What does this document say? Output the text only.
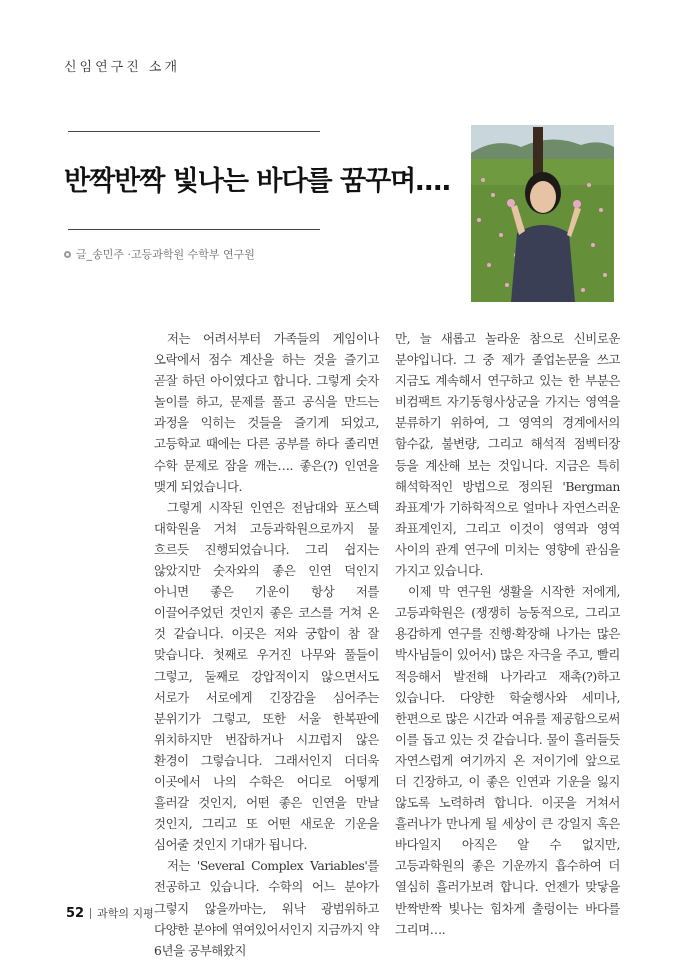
신임연구진 소개
반짝반짝 빛나는 바다를 꿈꾸며….
글_송민주 ·고등과학원 수학부 연구원

저는 어려서부터 가족들의 게임이나 오락에서 점수 계산을 하는 것을 즐기고 곧잘 하던 아이였다고 합니다. 그렇게 숫자 놀이를 하고, 문제를 풀고 공식을 만드는 과정을 익히는 것들을 즐기게 되었고, 고등학교 때에는 다른 공부를 하다 졸리면 수학 문제로 잠을 깨는…. 좋은(?) 인연을 맺게 되었습니다.

그렇게 시작된 인연은 전남대와 포스텍 대학원을 거쳐 고등과학원으로까지 물 흐르듯 진행되었습니다. 그리 쉽지는 않았지만 숫자와의 좋은 인연 덕인지 아니면 좋은 기운이 항상 저를 이끌어주었던 것인지 좋은 코스를 거쳐 온 것 같습니다. 이곳은 저와 궁합이 참 잘 맞습니다. 첫째로 우거진 나무와 풀들이 그렇고, 둘째로 강압적이지 않으면서도 서로가 서로에게 긴장감을 심어주는 분위기가 그렇고, 또한 서울 한복판에 위치하지만 번잡하거나 시끄럽지 않은 환경이 그렇습니다. 그래서인지 더더욱 이곳에서 나의 수학은 어디로 어떻게 흘러갈 것인지, 어떤 좋은 인연을 만날 것인지, 그리고 또 어떤 새로운 기운을 심어줄 것인지 기대가 됩니다.

저는 'Several Complex Variables'를 전공하고 있습니다. 수학의 어느 분야가 그렇지 않을까마는, 워낙 광범위하고 다양한 분야에 엮여있어서인지 지금까지 약 6년을 공부해왔지

만, 늘 새롭고 놀라운 참으로 신비로운 분야입니다. 그 중 제가 졸업논문을 쓰고 지금도 계속해서 연구하고 있는 한 부분은 비컴팩트 자기동형사상군을 가지는 영역을 분류하기 위하여, 그 영역의 경계에서의 함수값, 불변량, 그리고 해석적 점벡터장 등을 계산해 보는 것입니다. 지금은 특히 해석학적인 방법으로 정의된 'Bergman 좌표계'가 기하학적으로 얼마나 자연스러운 좌표계인지, 그리고 이것이 영역과 영역 사이의 관계 연구에 미치는 영향에 관심을 가지고 있습니다.

이제 막 연구원 생활을 시작한 저에게, 고등과학원은 (쟁쟁히 능동적으로, 그리고 용감하게 연구를 진행·확장해 나가는 많은 박사님들이 있어서) 많은 자극을 주고, 빨리 적응해서 발전해 나가라고 재촉(?)하고 있습니다. 다양한 학술행사와 세미나, 한편으로 많은 시간과 여유를 제공함으로써 이를 돕고 있는 것 같습니다. 물이 흘러들듯 자연스럽게 여기까지 온 저이기에 앞으로 더 긴장하고, 이 좋은 인연과 기운을 잃지 않도록 노력하려 합니다. 이곳을 거쳐서 흘러나가 만나게 될 세상이 큰 강일지 혹은 바다일지 아직은 알 수 없지만, 고등과학원의 좋은 기운까지 흡수하여 더 열심히 흘러가보려 합니다. 언젠가 맞닿을 반짝반짝 빛나는 힘차게 출렁이는 바다를 그리며….

52 과학의 지평
